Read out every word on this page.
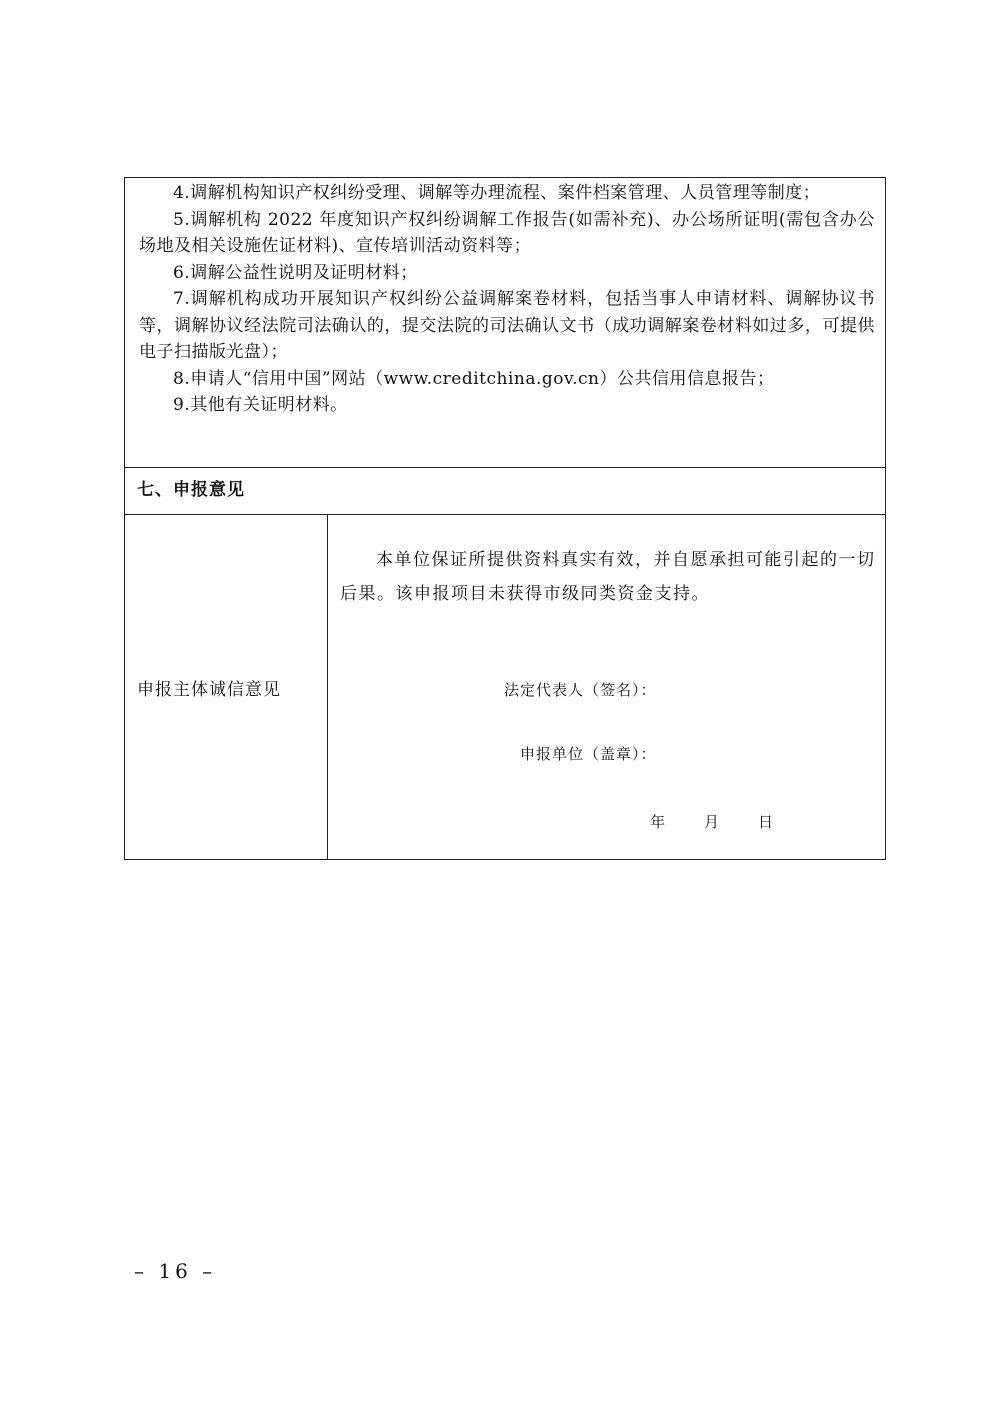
4.调解机构知识产权纠纷受理、调解等办理流程、案件档案管理、人员管理等制度；

5.调解机构 2022 年度知识产权纠纷调解工作报告(如需补充)、办公场所证明(需包含办公场地及相关设施佐证材料)、宣传培训活动资料等；

6.调解公益性说明及证明材料；

7.调解机构成功开展知识产权纠纷公益调解案卷材料，包括当事人申请材料、调解协议书等，调解协议经法院司法确认的，提交法院的司法确认文书（成功调解案卷材料如过多，可提供电子扫描版光盘）；

8.申请人“信用中国”网站（www.creditchina.gov.cn）公共信用信息报告；

9.其他有关证明材料。

七、申报意见
申报主体诚信意见

本单位保证所提供资料真实有效，并自愿承担可能引起的一切后果。该申报项目未获得市级同类资金支持。

法定代表人（签名）：
申报单位（盖章）：
年	月	日
– 16 –
